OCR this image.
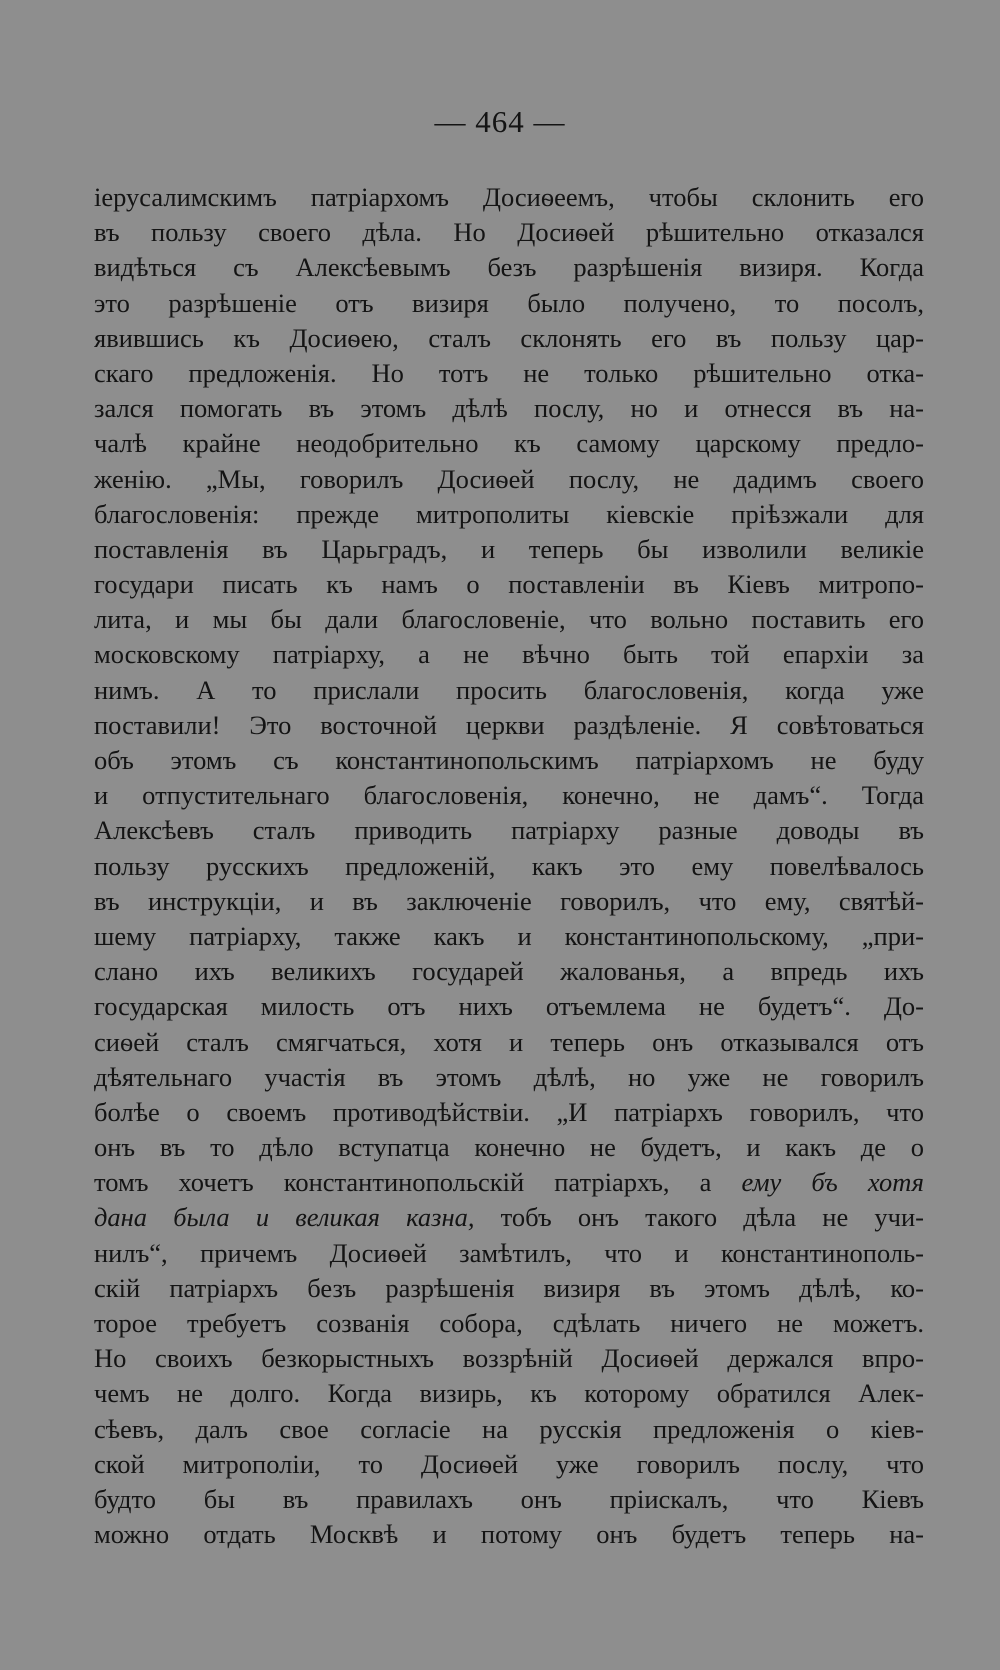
— 464 —
іерусалимскимъ патріархомъ Досиѳеемъ, чтобы склонить его
въ пользу своего дѣла. Но Досиѳей рѣшительно отказался
видѣться съ Алексѣевымъ безъ разрѣшенія визиря. Когда
это разрѣшеніе отъ визиря было получено, то посолъ,
явившись къ Досиѳею, сталъ склонять его въ пользу цар-
скаго предложенія. Но тотъ не только рѣшительно отка-
зался помогать въ этомъ дѣлѣ послу, но и отнесся въ на-
чалѣ крайне неодобрительно къ самому царскому предло-
женію. „Мы, говорилъ Досиѳей послу, не дадимъ своего
благословенія: прежде митрополиты кіевскіе пріѣзжали для
поставленія въ Царьградъ, и теперь бы изволили великіе
государи писать къ намъ о поставленіи въ Кіевъ митропо-
лита, и мы бы дали благословеніе, что вольно поставить его
московскому патріарху, а не вѣчно быть той епархіи за
нимъ. А то прислали просить благословенія, когда уже
поставили! Это восточной церкви раздѣленіе. Я совѣтоваться
объ этомъ съ константинопольскимъ патріархомъ не буду
и отпустительнаго благословенія, конечно, не дамъ“. Тогда
Алексѣевъ сталъ приводить патріарху разные доводы въ
пользу русскихъ предложеній, какъ это ему повелѣвалось
въ инструкціи, и въ заключеніе говорилъ, что ему, святѣй-
шему патріарху, также какъ и константинопольскому, „при-
слано ихъ великихъ государей жалованья, а впредь ихъ
государская милость отъ нихъ отъемлема не будетъ“. До-
сиѳей сталъ смягчаться, хотя и теперь онъ отказывался отъ
дѣятельнаго участія въ этомъ дѣлѣ, но уже не говорилъ
болѣе о своемъ противодѣйствіи. „И патріархъ говорилъ, что
онъ въ то дѣло вступатца конечно не будетъ, и какъ де о
томъ хочетъ константинопольскій патріархъ, а ему бъ хотя
дана была и великая казна, тобъ онъ такого дѣла не учи-
нилъ“, причемъ Досиѳей замѣтилъ, что и константинополь-
скій патріархъ безъ разрѣшенія визиря въ этомъ дѣлѣ, ко-
торое требуетъ созванія собора, сдѣлать ничего не можетъ.
Но своихъ безкорыстныхъ воззрѣній Досиѳей держался впро-
чемъ не долго. Когда визирь, къ которому обратился Алек-
сѣевъ, далъ свое согласіе на русскія предложенія о кіев-
ской митрополіи, то Досиѳей уже говорилъ послу, что
будто бы въ правилахъ онъ пріискалъ, что Кіевъ
можно отдать Москвѣ и потому онъ будетъ теперь на-
